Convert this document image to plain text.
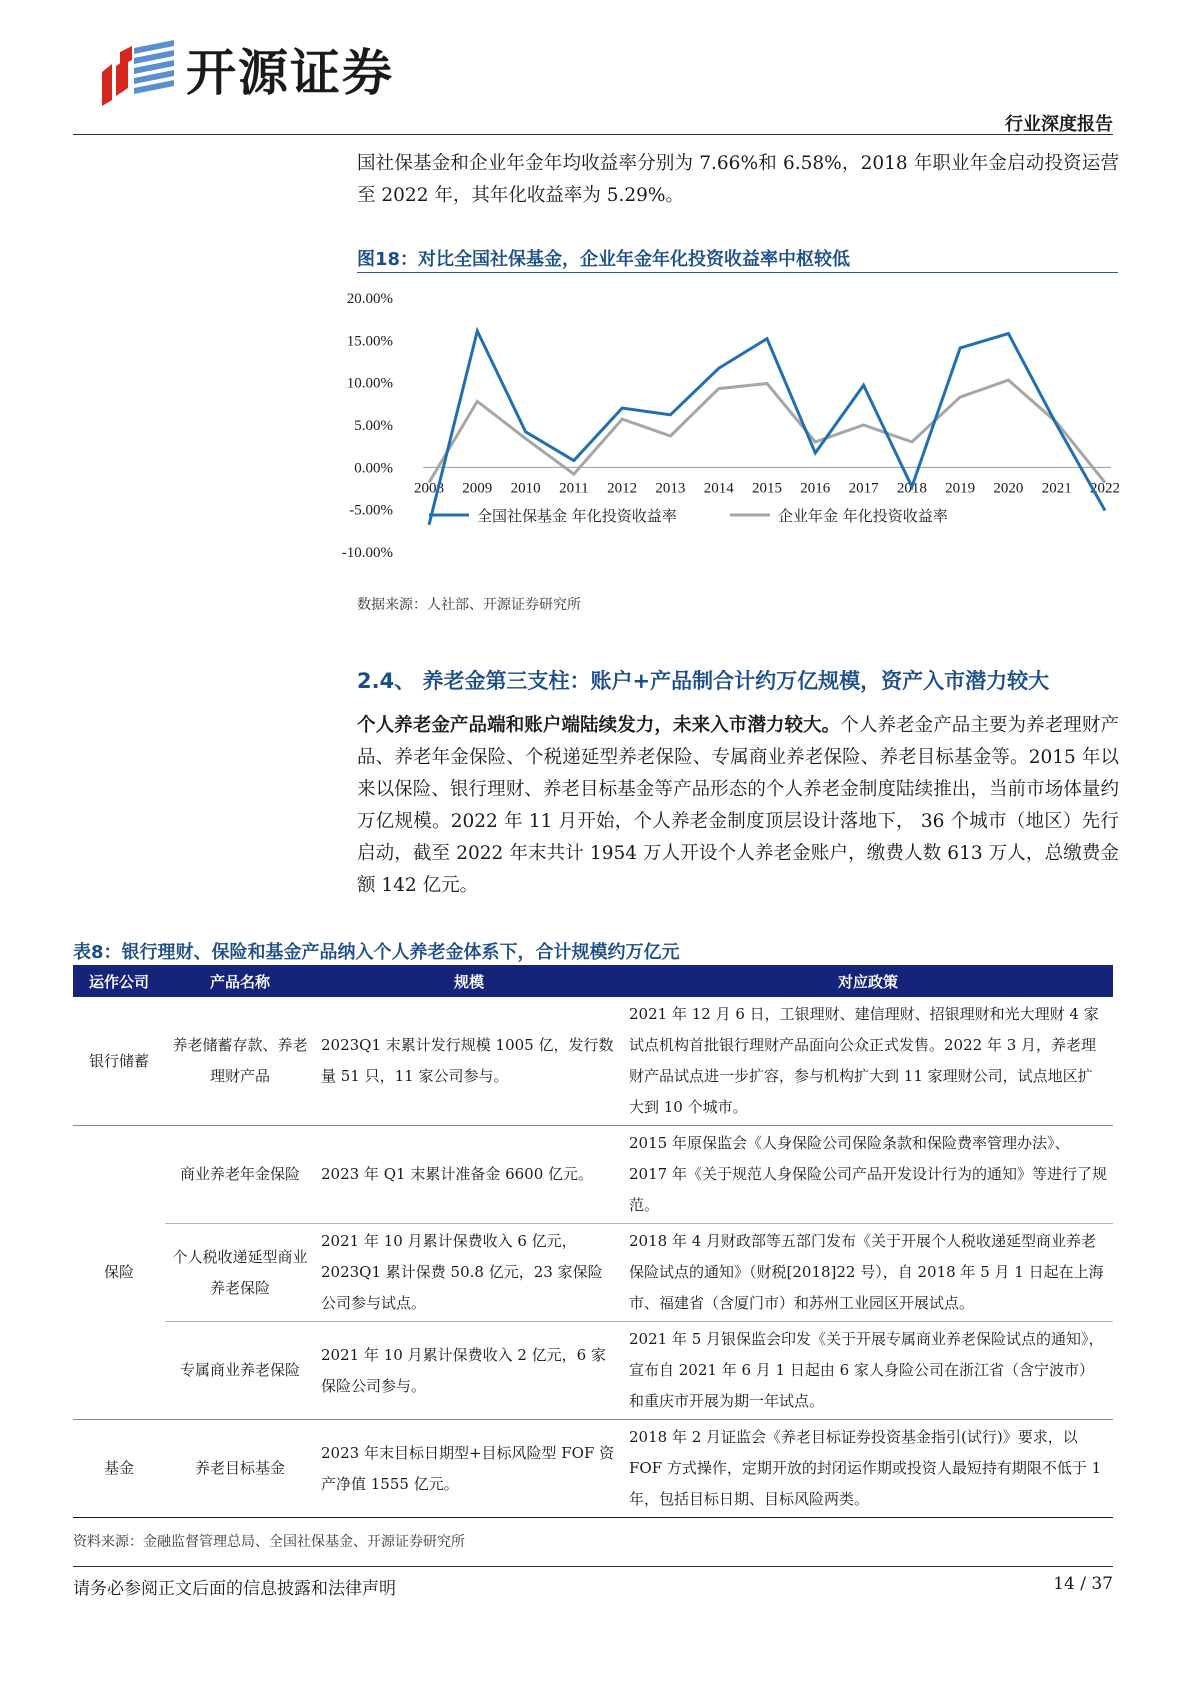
开源证券
行业深度报告
国社保基金和企业年金年均收益率分别为 7.66%和 6.58%，2018 年职业年金启动投资运营至 2022 年，其年化收益率为 5.29%。
图18：对比全国社保基金，企业年金年化投资收益率中枢较低
20.00%
15.00%
10.00%
5.00%
0.00%
-5.00%
-10.00%
2008 2009 2010 2011 2012 2013 2014 2015 2016 2017 2018 2019 2020 2021 2022
全国社保基金 年化投资收益率	企业年金 年化投资收益率
数据来源：人社部、开源证券研究所
2.4、 养老金第三支柱：账户+产品制合计约万亿规模，资产入市潜力较大
个人养老金产品端和账户端陆续发力，未来入市潜力较大。个人养老金产品主要为养老理财产品、养老年金保险、个税递延型养老保险、专属商业养老保险、养老目标基金等。2015 年以来以保险、银行理财、养老目标基金等产品形态的个人养老金制度陆续推出，当前市场体量约万亿规模。2022 年 11 月开始，个人养老金制度顶层设计落地下， 36 个城市（地区）先行启动，截至 2022 年末共计 1954 万人开设个人养老金账户，缴费人数 613 万人，总缴费金额 142 亿元。
表8：银行理财、保险和基金产品纳入个人养老金体系下，合计规模约万亿元
运作公司	产品名称	规模	对应政策
银行储蓄	养老储蓄存款、养老理财产品	2023Q1 末累计发行规模 1005 亿，发行数量 51 只，11 家公司参与。	2021 年 12 月 6 日，工银理财、建信理财、招银理财和光大理财 4 家试点机构首批银行理财产品面向公众正式发售。2022 年 3 月，养老理财产品试点进一步扩容，参与机构扩大到 11 家理财公司，试点地区扩大到 10 个城市。
保险	商业养老年金保险	2023 年 Q1 末累计准备金 6600 亿元。	2015 年原保监会《人身保险公司保险条款和保险费率管理办法》、2017 年《关于规范人身保险公司产品开发设计行为的通知》等进行了规范。
	个人税收递延型商业养老保险	2021 年 10 月累计保费收入 6 亿元，2023Q1 累计保费 50.8 亿元，23 家保险公司参与试点。	2018 年 4 月财政部等五部门发布《关于开展个人税收递延型商业养老保险试点的通知》（财税[2018]22 号），自 2018 年 5 月 1 日起在上海市、福建省（含厦门市）和苏州工业园区开展试点。
	专属商业养老保险	2021 年 10 月累计保费收入 2 亿元，6 家保险公司参与。	2021 年 5 月银保监会印发《关于开展专属商业养老保险试点的通知》，宣布自 2021 年 6 月 1 日起由 6 家人身险公司在浙江省（含宁波市）和重庆市开展为期一年试点。
基金	养老目标基金	2023 年末目标日期型+目标风险型 FOF 资产净值 1555 亿元。	2018 年 2 月证监会《养老目标证券投资基金指引(试行)》要求，以 FOF 方式操作，定期开放的封闭运作期或投资人最短持有期限不低于 1 年，包括目标日期、目标风险两类。
资料来源：金融监督管理总局、全国社保基金、开源证券研究所
请务必参阅正文后面的信息披露和法律声明	14 / 37
